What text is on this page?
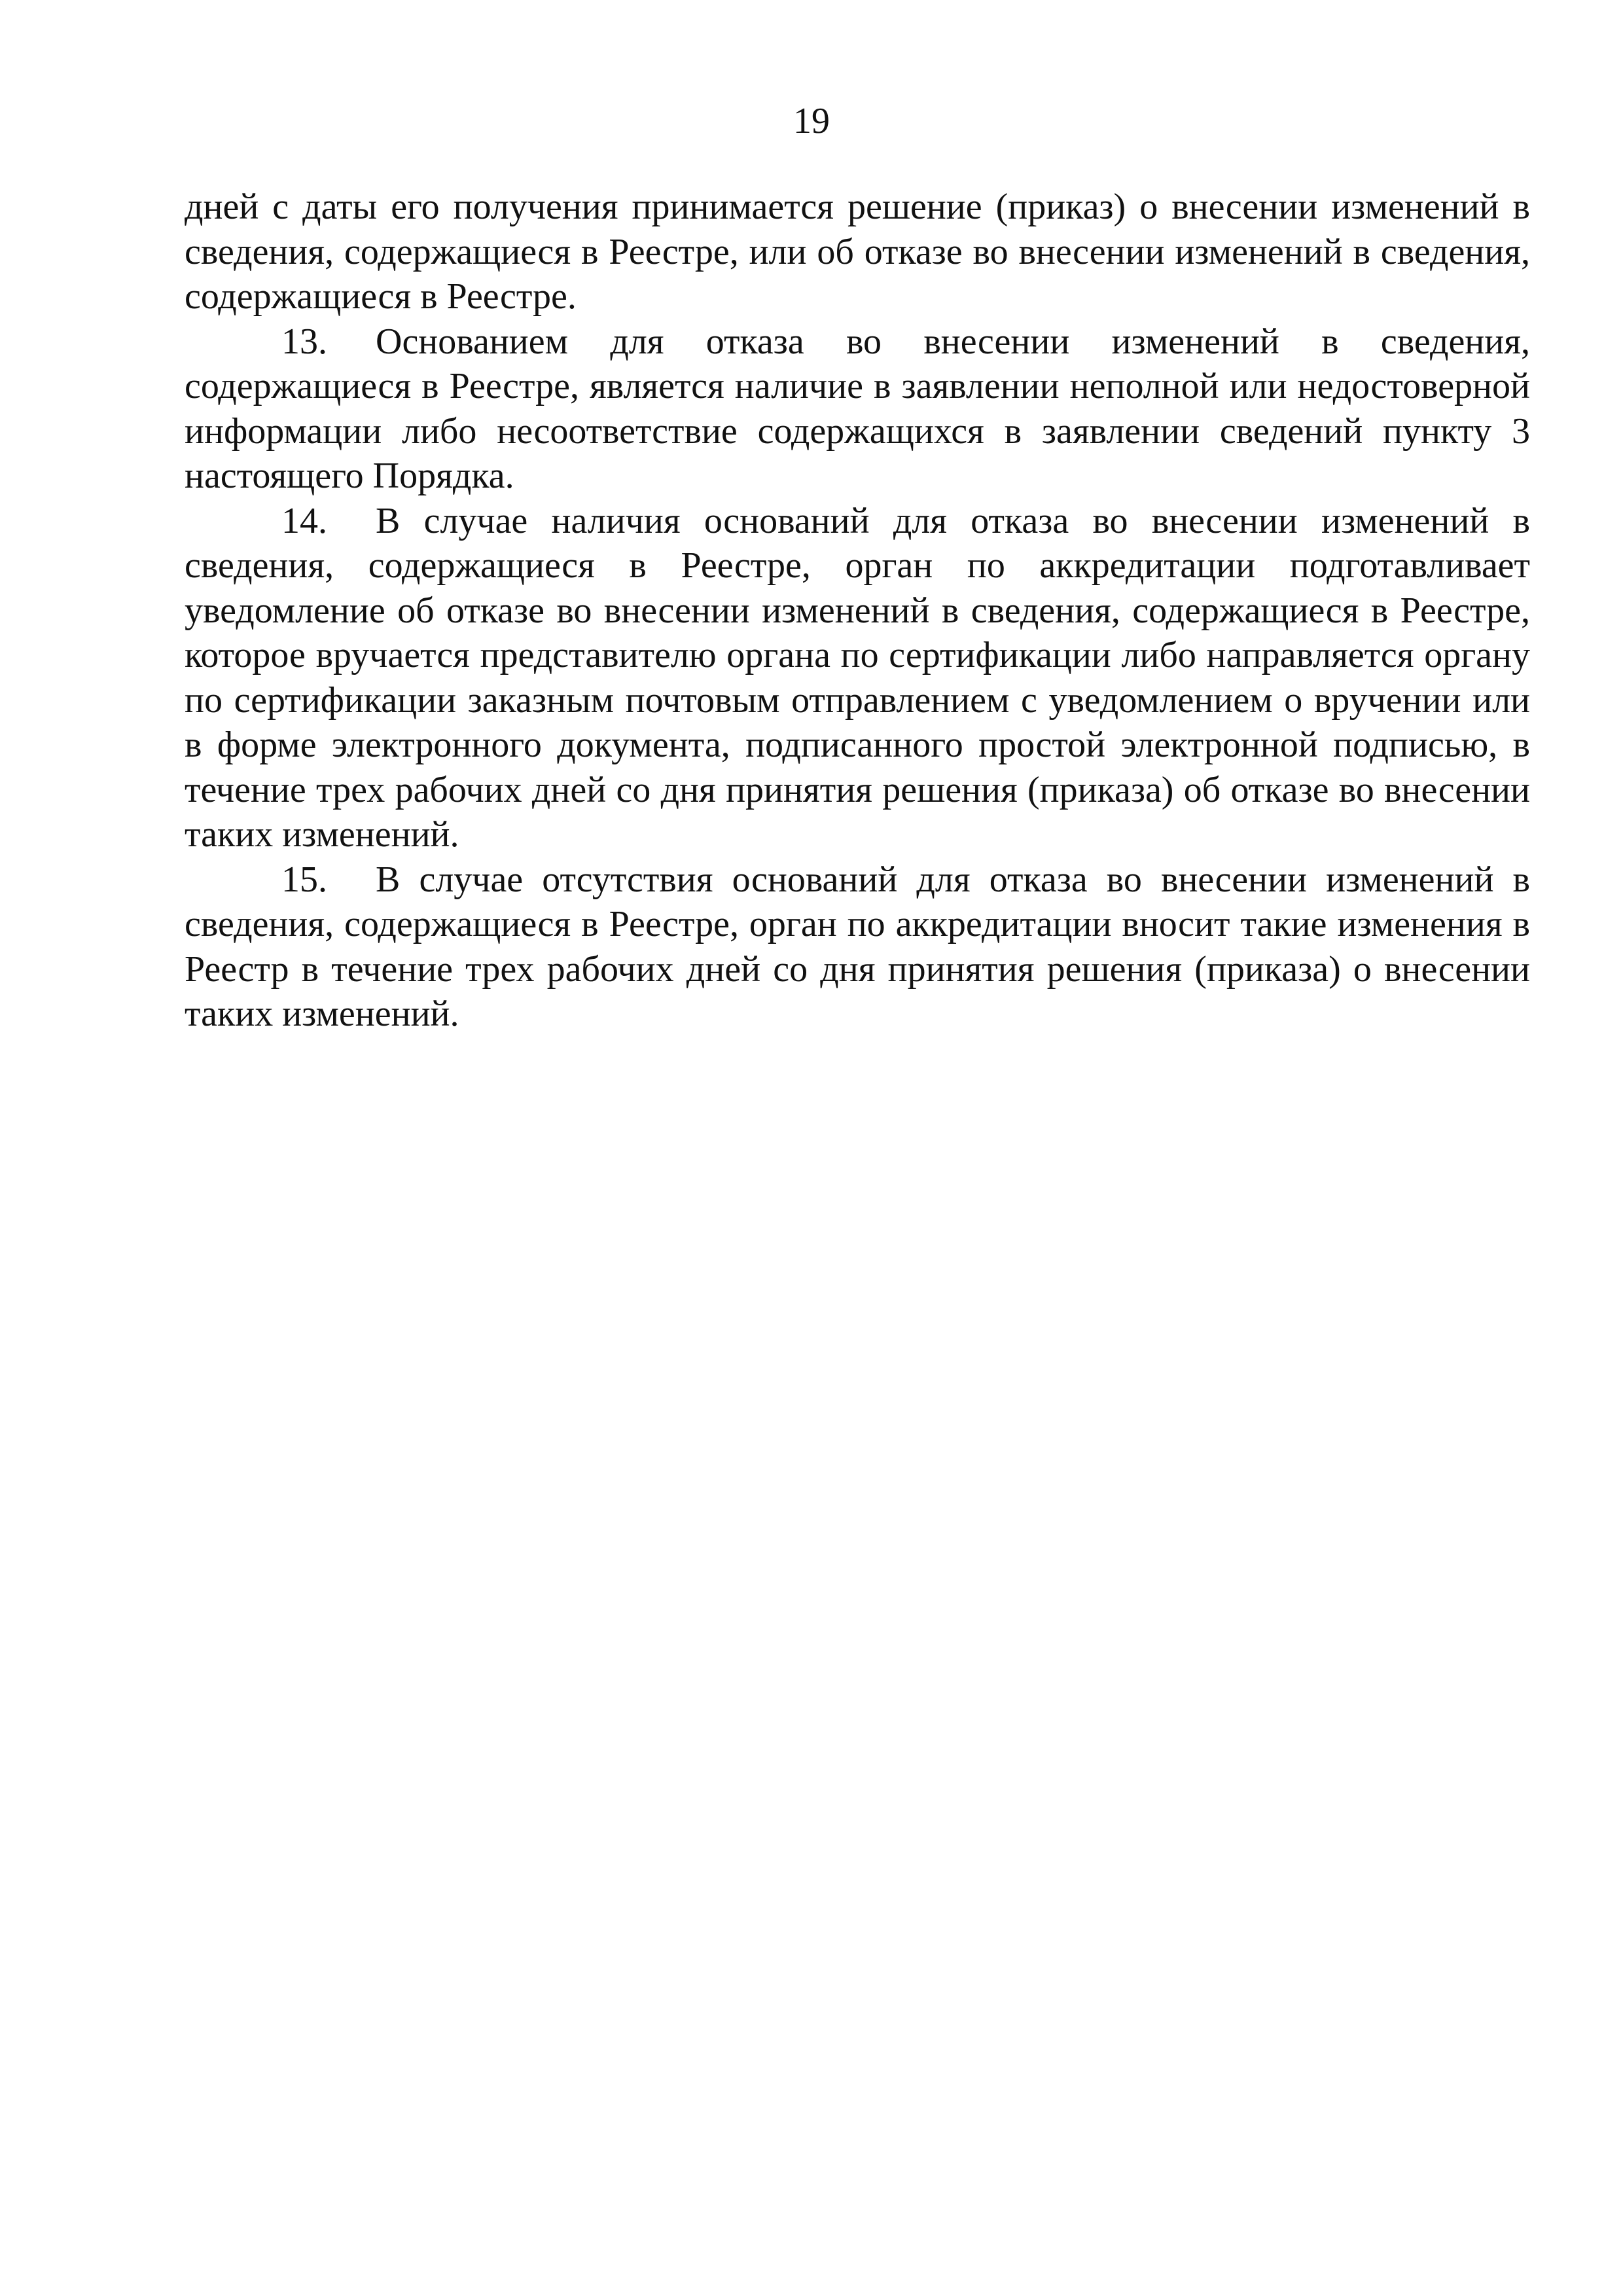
19

дней с даты его получения принимается решение (приказ) о внесении изменений в сведения, содержащиеся в Реестре, или об отказе во внесении изменений в сведения, содержащиеся в Реестре.

13. Основанием для отказа во внесении изменений в сведения, содержащиеся в Реестре, является наличие в заявлении неполной или недостоверной информации либо несоответствие содержащихся в заявлении сведений пункту 3 настоящего Порядка.

14. В случае наличия оснований для отказа во внесении изменений в сведения, содержащиеся в Реестре, орган по аккредитации подготавливает уведомление об отказе во внесении изменений в сведения, содержащиеся в Реестре, которое вручается представителю органа по сертификации либо направляется органу по сертификации заказным почтовым отправлением с уведомлением о вручении или в форме электронного документа, подписанного простой электронной подписью, в течение трех рабочих дней со дня принятия решения (приказа) об отказе во внесении таких изменений.

15. В случае отсутствия оснований для отказа во внесении изменений в сведения, содержащиеся в Реестре, орган по аккредитации вносит такие изменения в Реестр в течение трех рабочих дней со дня принятия решения (приказа) о внесении таких изменений.
